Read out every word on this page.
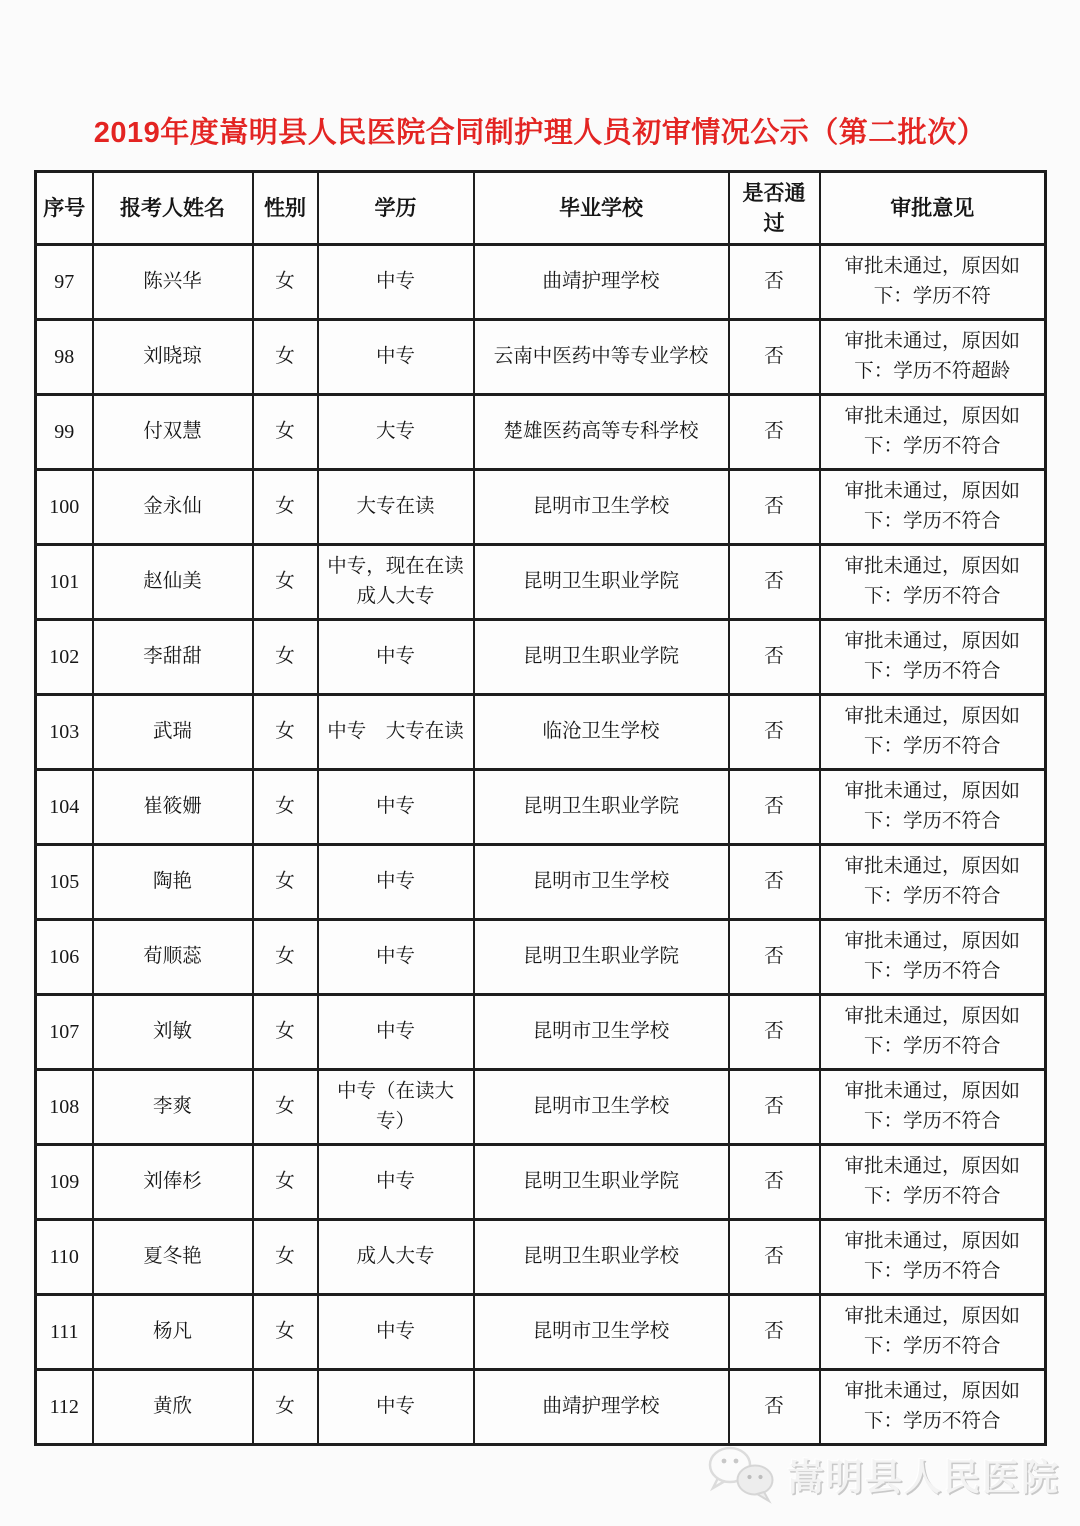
2019年度嵩明县人民医院合同制护理人员初审情况公示（第二批次）
序号	报考人姓名	性别	学历	毕业学校	是否通过	审批意见
97	陈兴华	女	中专	曲靖护理学校	否	审批未通过，原因如下：学历不符
98	刘晓琼	女	中专	云南中医药中等专业学校	否	审批未通过，原因如下：学历不符超龄
99	付双慧	女	大专	楚雄医药高等专科学校	否	审批未通过，原因如下：学历不符合
100	金永仙	女	大专在读	昆明市卫生学校	否	审批未通过，原因如下：学历不符合
101	赵仙美	女	中专，现在在读成人大专	昆明卫生职业学院	否	审批未通过，原因如下：学历不符合
102	李甜甜	女	中专	昆明卫生职业学院	否	审批未通过，原因如下：学历不符合
103	武瑞	女	中专　大专在读	临沧卫生学校	否	审批未通过，原因如下：学历不符合
104	崔筱姗	女	中专	昆明卫生职业学院	否	审批未通过，原因如下：学历不符合
105	陶艳	女	中专	昆明市卫生学校	否	审批未通过，原因如下：学历不符合
106	荀顺蕊	女	中专	昆明卫生职业学院	否	审批未通过，原因如下：学历不符合
107	刘敏	女	中专	昆明市卫生学校	否	审批未通过，原因如下：学历不符合
108	李爽	女	中专（在读大专）	昆明市卫生学校	否	审批未通过，原因如下：学历不符合
109	刘俸杉	女	中专	昆明卫生职业学院	否	审批未通过，原因如下：学历不符合
110	夏冬艳	女	成人大专	昆明卫生职业学校	否	审批未通过，原因如下：学历不符合
111	杨凡	女	中专	昆明市卫生学校	否	审批未通过，原因如下：学历不符合
112	黄欣	女	中专	曲靖护理学校	否	审批未通过，原因如下：学历不符合
嵩明县人民医院
